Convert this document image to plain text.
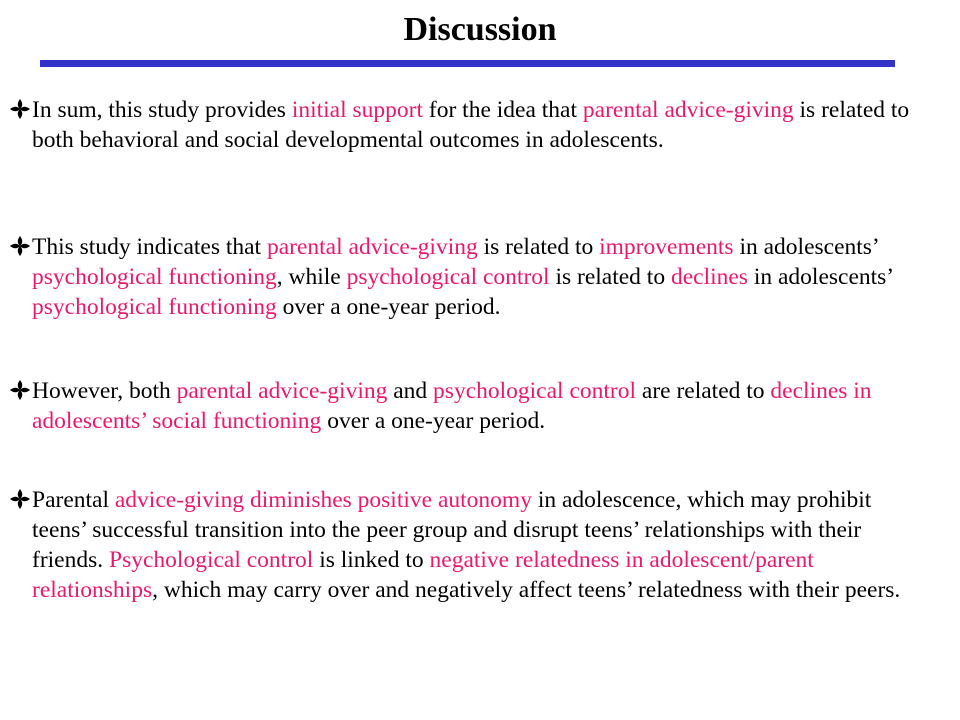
Discussion
In sum, this study provides initial support for the idea that parental advice-giving is related to both behavioral and social developmental outcomes in adolescents.
This study indicates that parental advice-giving is related to improvements in adolescents’ psychological functioning, while psychological control is related to declines in adolescents’ psychological functioning over a one-year period.
However, both parental advice-giving and psychological control are related to declines in adolescents’ social functioning over a one-year period.
Parental advice-giving diminishes positive autonomy in adolescence, which may prohibit teens’ successful transition into the peer group and disrupt teens’ relationships with their friends. Psychological control is linked to negative relatedness in adolescent/parent relationships, which may carry over and negatively affect teens’ relatedness with their peers.
